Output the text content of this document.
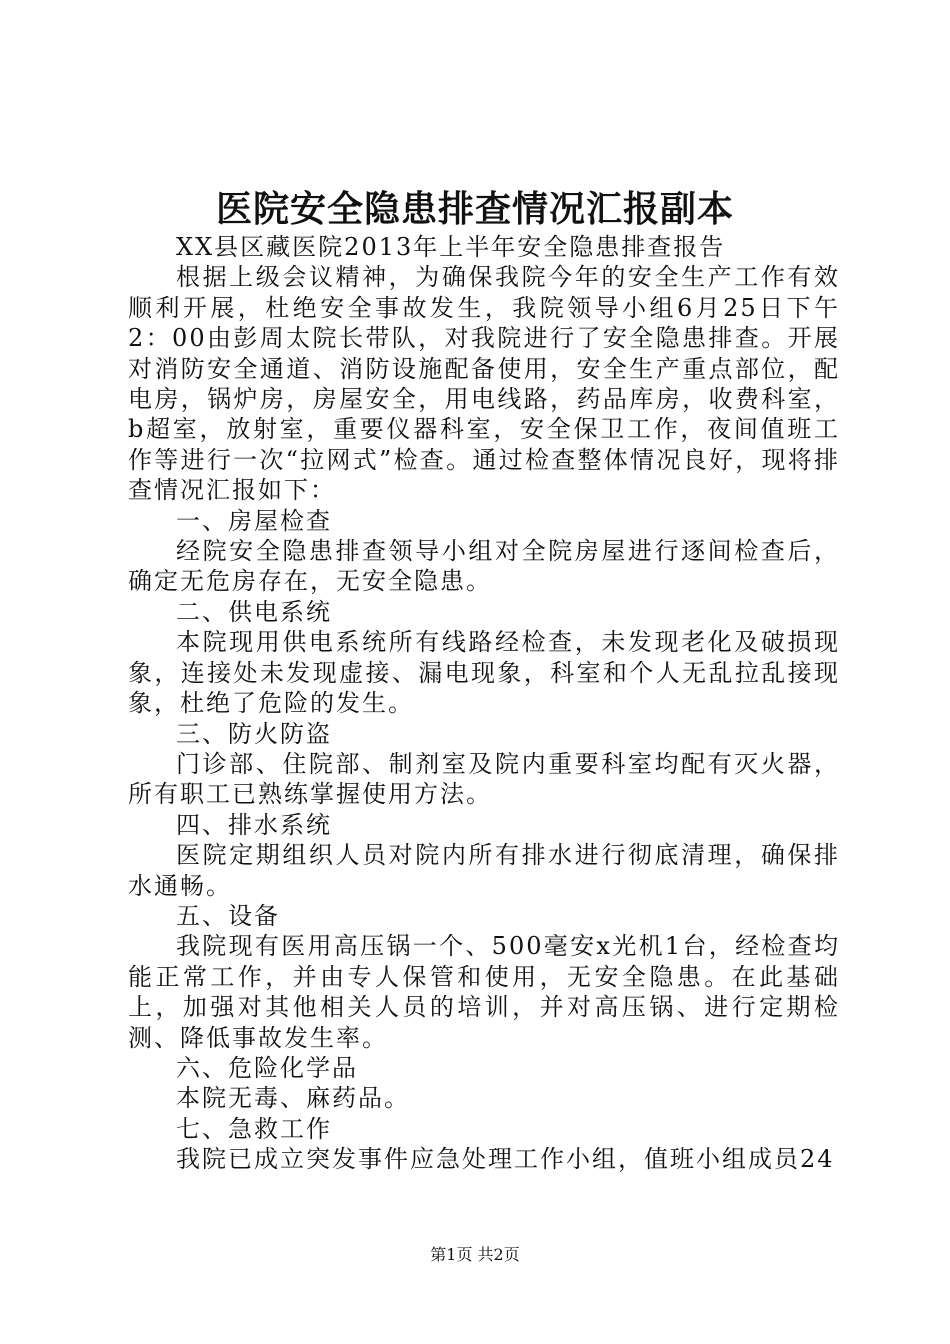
医院安全隐患排查情况汇报副本

XX县区藏医院2013年上半年安全隐患排查报告

根据上级会议精神，为确保我院今年的安全生产工作有效顺利开展，杜绝安全事故发生，我院领导小组6月25日下午2：00由彭周太院长带队，对我院进行了安全隐患排查。开展对消防安全通道、消防设施配备使用，安全生产重点部位，配电房，锅炉房，房屋安全，用电线路，药品库房，收费科室，b超室，放射室，重要仪器科室，安全保卫工作，夜间值班工作等进行一次“拉网式”检查。通过检查整体情况良好，现将排查情况汇报如下：

一、房屋检查

经院安全隐患排查领导小组对全院房屋进行逐间检查后，确定无危房存在，无安全隐患。

二、供电系统

本院现用供电系统所有线路经检查，未发现老化及破损现象，连接处未发现虚接、漏电现象，科室和个人无乱拉乱接现象，杜绝了危险的发生。

三、防火防盗

门诊部、住院部、制剂室及院内重要科室均配有灭火器，所有职工已熟练掌握使用方法。

四、排水系统

医院定期组织人员对院内所有排水进行彻底清理，确保排水通畅。

五、设备

我院现有医用高压锅一个、500毫安x光机1台，经检查均能正常工作，并由专人保管和使用，无安全隐患。在此基础上，加强对其他相关人员的培训，并对高压锅、进行定期检测、降低事故发生率。

六、危险化学品

本院无毒、麻药品。

七、急救工作

我院已成立突发事件应急处理工作小组，值班小组成员24

第1页 共2页
